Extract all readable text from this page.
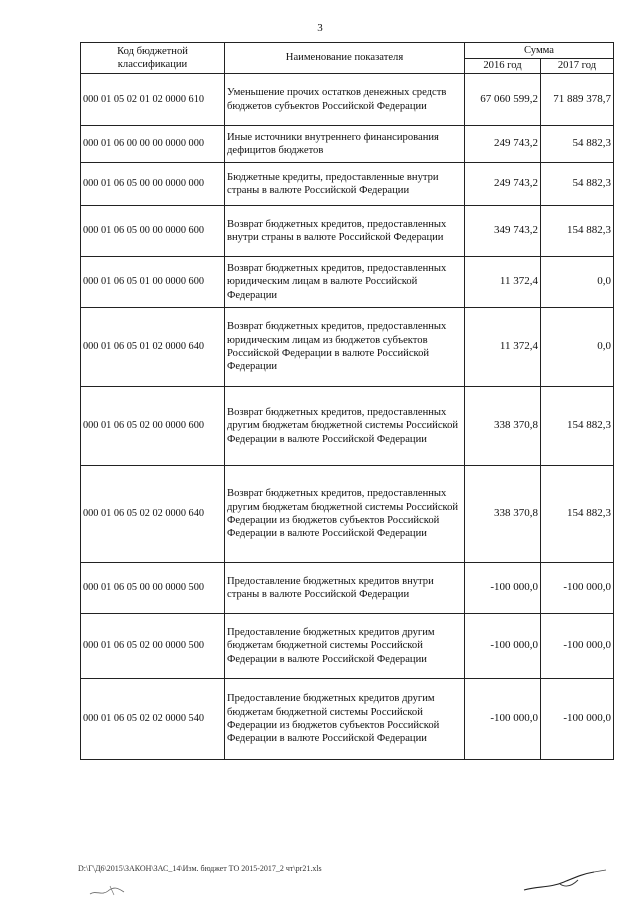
3
Код бюджетной классификации	Наименование показателя	Сумма	
		2016 год	2017 год
000 01 05 02 01 02 0000 610	Уменьшение прочих остатков денежных средств бюджетов субъектов Российской Федерации	67 060 599,2	71 889 378,7
000 01 06 00 00 00 0000 000	Иные источники внутреннего финансирования дефицитов бюджетов	249 743,2	54 882,3
000 01 06 05 00 00 0000 000	Бюджетные кредиты, предоставленные внутри страны в валюте Российской Федерации	249 743,2	54 882,3
000 01 06 05 00 00 0000 600	Возврат бюджетных кредитов, предоставленных внутри страны в валюте Российской Федерации	349 743,2	154 882,3
000 01 06 05 01 00 0000 600	Возврат бюджетных кредитов, предоставленных юридическим лицам в валюте Российской Федерации	11 372,4	0,0
000 01 06 05 01 02 0000 640	Возврат бюджетных кредитов, предоставленных юридическим лицам из бюджетов субъектов Российской Федерации в валюте Российской Федерации	11 372,4	0,0
000 01 06 05 02 00 0000 600	Возврат бюджетных кредитов, предоставленных другим бюджетам бюджетной системы Российской Федерации в валюте Российской Федерации	338 370,8	154 882,3
000 01 06 05 02 02 0000 640	Возврат бюджетных кредитов, предоставленных другим бюджетам бюджетной системы Российской Федерации из бюджетов субъектов Российской Федерации в валюте Российской Федерации	338 370,8	154 882,3
000 01 06 05 00 00 0000 500	Предоставление бюджетных кредитов внутри страны в валюте Российской Федерации	-100 000,0	-100 000,0
000 01 06 05 02 00 0000 500	Предоставление бюджетных кредитов другим бюджетам бюджетной системы Российской Федерации в валюте Российской Федерации	-100 000,0	-100 000,0
000 01 06 05 02 02 0000 540	Предоставление бюджетных кредитов другим бюджетам бюджетной системы Российской Федерации из бюджетов субъектов Российской Федерации в валюте Российской Федерации	-100 000,0	-100 000,0
D:\Г\Д6\2015\ЗАКОН\ЗАС_14\Изм. бюджет ТО 2015-2017_2 чт\pr21.xls
